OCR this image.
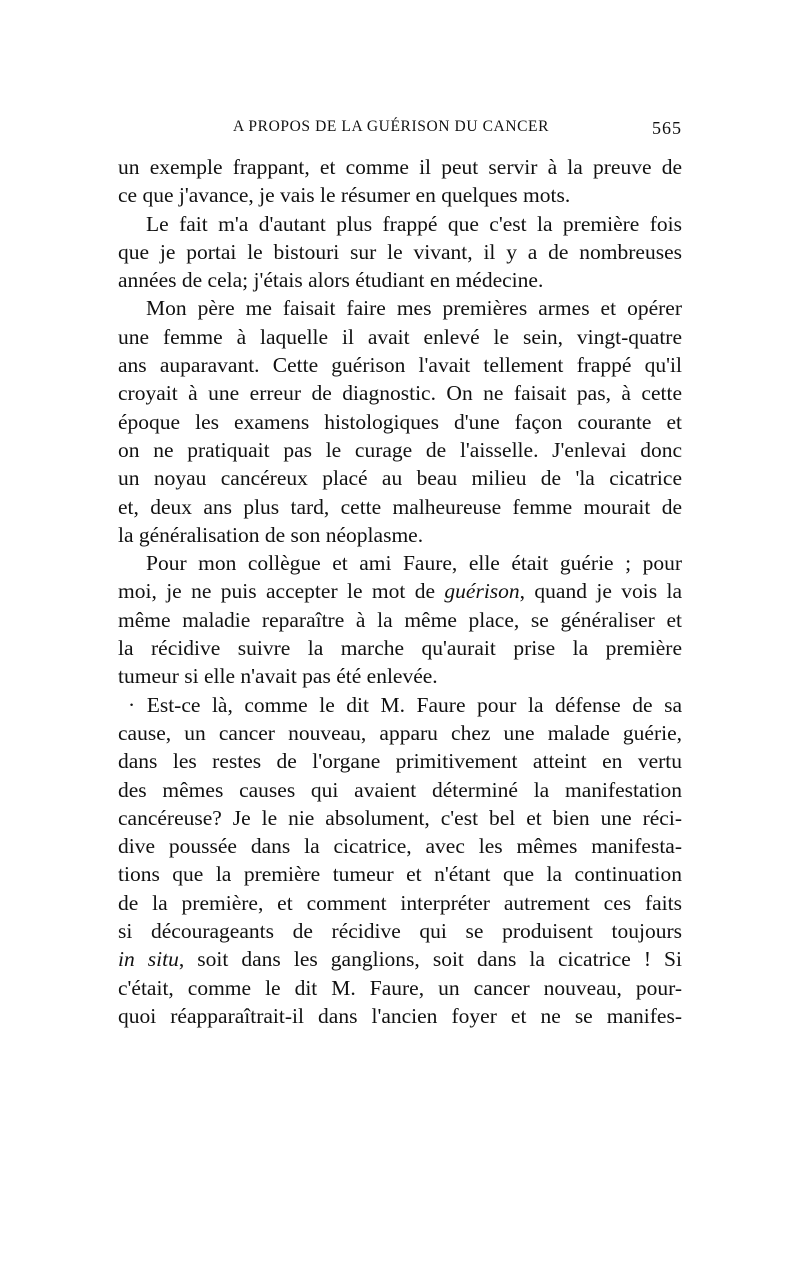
A PROPOS DE LA GUÉRISON DU CANCER	565
un exemple frappant, et comme il peut servir à la preuve de
ce que j'avance, je vais le résumer en quelques mots.
Le fait m'a d'autant plus frappé que c'est la première fois
que je portai le bistouri sur le vivant, il y a de nombreuses
années de cela; j'étais alors étudiant en médecine.
Mon père me faisait faire mes premières armes et opérer
une femme à laquelle il avait enlevé le sein, vingt-quatre
ans auparavant. Cette guérison l'avait tellement frappé qu'il
croyait à une erreur de diagnostic. On ne faisait pas, à cette
époque les examens histologiques d'une façon courante et
on ne pratiquait pas le curage de l'aisselle. J'enlevai donc
un noyau cancéreux placé au beau milieu de 'la cicatrice
et, deux ans plus tard, cette malheureuse femme mourait de
la généralisation de son néoplasme.
Pour mon collègue et ami Faure, elle était guérie ; pour
moi, je ne puis accepter le mot de guérison, quand je vois la
même maladie reparaître à la même place, se généraliser et
la récidive suivre la marche qu'aurait prise la première
tumeur si elle n'avait pas été enlevée.
· Est-ce là, comme le dit M. Faure pour la défense de sa
cause, un cancer nouveau, apparu chez une malade guérie,
dans les restes de l'organe primitivement atteint en vertu
des mêmes causes qui avaient déterminé la manifestation
cancéreuse? Je le nie absolument, c'est bel et bien une réci-
dive poussée dans la cicatrice, avec les mêmes manifesta-
tions que la première tumeur et n'étant que la continuation
de la première, et comment interpréter autrement ces faits
si décourageants de récidive qui se produisent toujours
in situ, soit dans les ganglions, soit dans la cicatrice ! Si
c'était, comme le dit M. Faure, un cancer nouveau, pour-
quoi réapparaîtrait-il dans l'ancien foyer et ne se manifes-
